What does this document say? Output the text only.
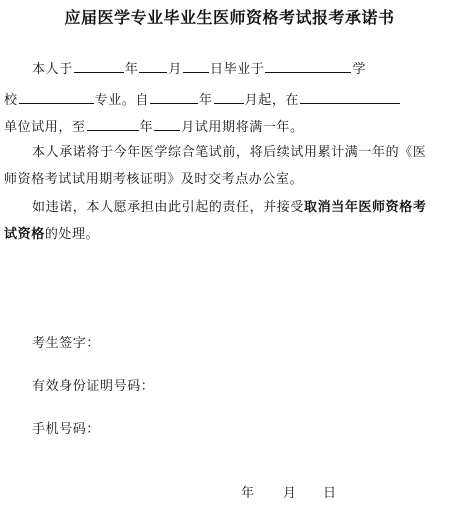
应届医学专业毕业生医师资格考试报考承诺书
本人于	年 月 日毕业于	学
校	专业。自	年 月起，在
单位试用，至	年 月试用期将满一年。
本人承诺将于今年医学综合笔试前，将后续试用累计满一年的《医
师资格考试试用期考核证明》及时交考点办公室。
如违诺，本人愿承担由此引起的责任，并接受取消当年医师资格考
试资格的处理。
考生签字：
有效身份证明号码：
手机号码：
年 月 日
